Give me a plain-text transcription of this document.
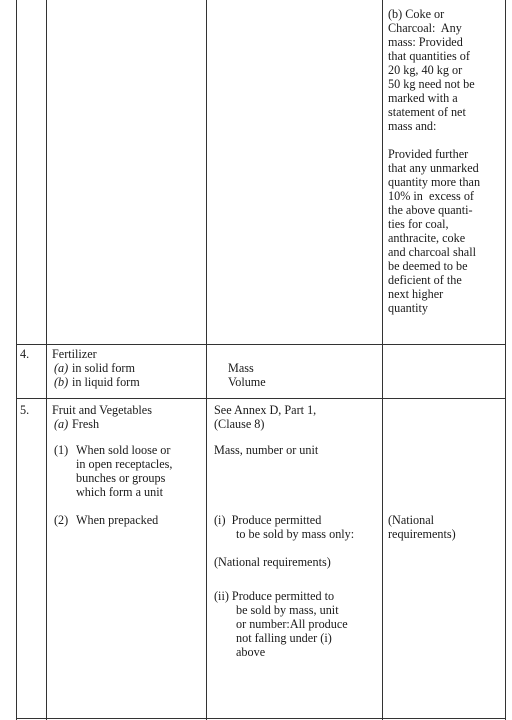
(b) Coke or
Charcoal:  Any
mass: Provided
that quantities of
20 kg, 40 kg or
50 kg need not be
marked with a
statement of net
mass and:
Provided further
that any unmarked
quantity more than
10% in  excess of
the above quanti-
ties for coal,
anthracite, coke
and charcoal shall
be deemed to be
deficient of the
next higher
quantity
4. Fertilizer
(a) in solid form
(b) in liquid form
Mass
Volume
5. Fruit and Vegetables
(a) Fresh
See Annex D, Part 1,
(Clause 8)
(1) When sold loose or
in open receptacles,
bunches or groups
which form a unit
Mass, number or unit
(2) When prepacked	(i)  Produce permitted
to be sold by mass only:
(National
requirements)
(National requirements)
(ii) Produce permitted to
be sold by mass, unit
or number:All produce
not falling under (i)
above
